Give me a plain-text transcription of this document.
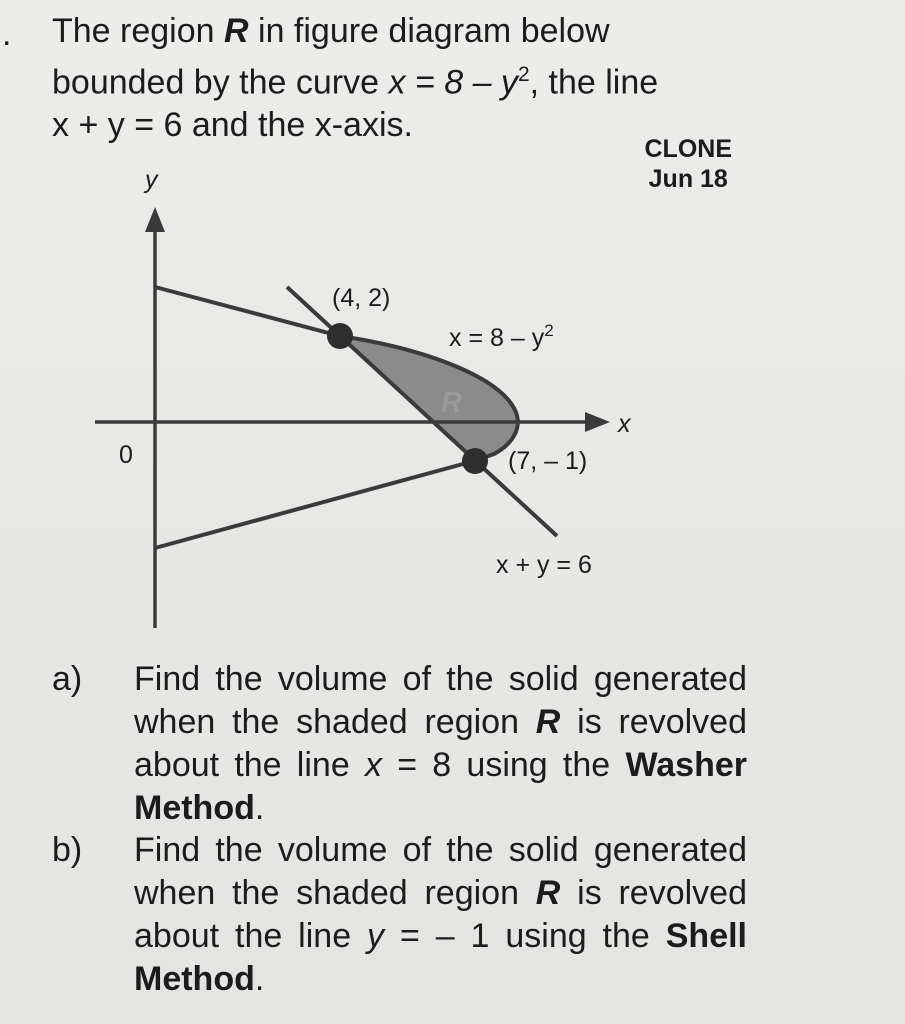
. The region R in figure diagram below
bounded by the curve $x = 8 - y^2$, the line
x + y = 6 and the x-axis.

CLONE
Jun 18
y
x
0
(4, 2)
(7, – 1)
R
$x = 8 - y^2$
x + y = 6
a) Find the volume of the solid generated when the shaded region R is revolved about the line x = 8 using the Washer Method.
b) Find the volume of the solid generated when the shaded region R is revolved about the line y = – 1 using the Shell Method.
